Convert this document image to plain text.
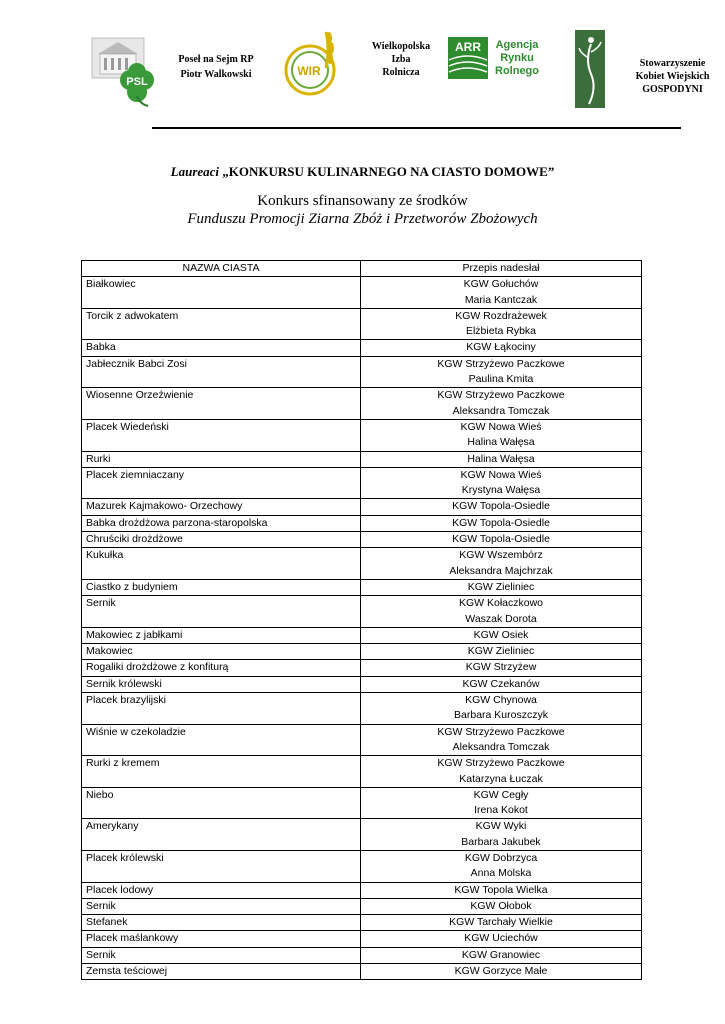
PSL
Poseł na Sejm RP
Piotr Walkowski	WIR
Wielkopolska
Izba
Rolnicza
ARR Agencja
Rynku
Rolnego
Stowarzyszenie
Kobiet Wiejskich
GOSPODYNI
Laureaci „KONKURSU KULINARNEGO NA CIASTO DOMOWE”
Konkurs sfinansowany ze środków
Funduszu Promocji Ziarna Zbóż i Przetworów Zbożowych
NAZWA CIASTA	Przepis nadesłał
Białkowiec	KGW Gołuchów
Maria Kantczak

Torcik z adwokatem	KGW Rozdrażewek
Elżbieta Rybka

Babka	KGW Łąkociny

Jabłecznik Babci Zosi	KGW Strzyżewo Paczkowe
Paulina Kmita

Wiosenne Orzeźwienie	KGW Strzyżewo Paczkowe
Aleksandra Tomczak

Placek Wiedeński	KGW Nowa Wieś
Halina Wałęsa

Rurki	Halina Wałęsa

Placek ziemniaczany	KGW Nowa Wieś
Krystyna Wałęsa

Mazurek Kajmakowo- Orzechowy	KGW Topola-Osiedle

Babka drożdżowa parzona-staropolska	KGW Topola-Osiedle

Chruściki drożdżowe	KGW Topola-Osiedle

Kukułka	KGW Wszembórz
Aleksandra Majchrzak

Ciastko z budyniem	KGW Zieliniec

Sernik	KGW Kołaczkowo
Waszak Dorota

Makowiec z jabłkami	KGW Osiek

Makowiec	KGW Zieliniec

Rogaliki drożdżowe z konfiturą	KGW Strzyżew

Sernik królewski	KGW Czekanów

Placek brazylijski	KGW Chynowa
Barbara Kuroszczyk

Wiśnie w czekoladzie	KGW Strzyżewo Paczkowe
Aleksandra Tomczak

Rurki z kremem	KGW Strzyżewo Paczkowe
Katarzyna Łuczak

Niebo	KGW Cegły
Irena Kokot

Amerykany	KGW Wyki
Barbara Jakubek

Placek królewski	KGW Dobrzyca
Anna Molska

Placek lodowy	KGW Topola Wielka

Sernik	KGW Ołobok

Stefanek	KGW Tarchały Wielkie

Placek maślankowy	KGW Uciechów

Sernik	KGW Granowiec

Zemsta teściowej	KGW Gorzyce Małe
